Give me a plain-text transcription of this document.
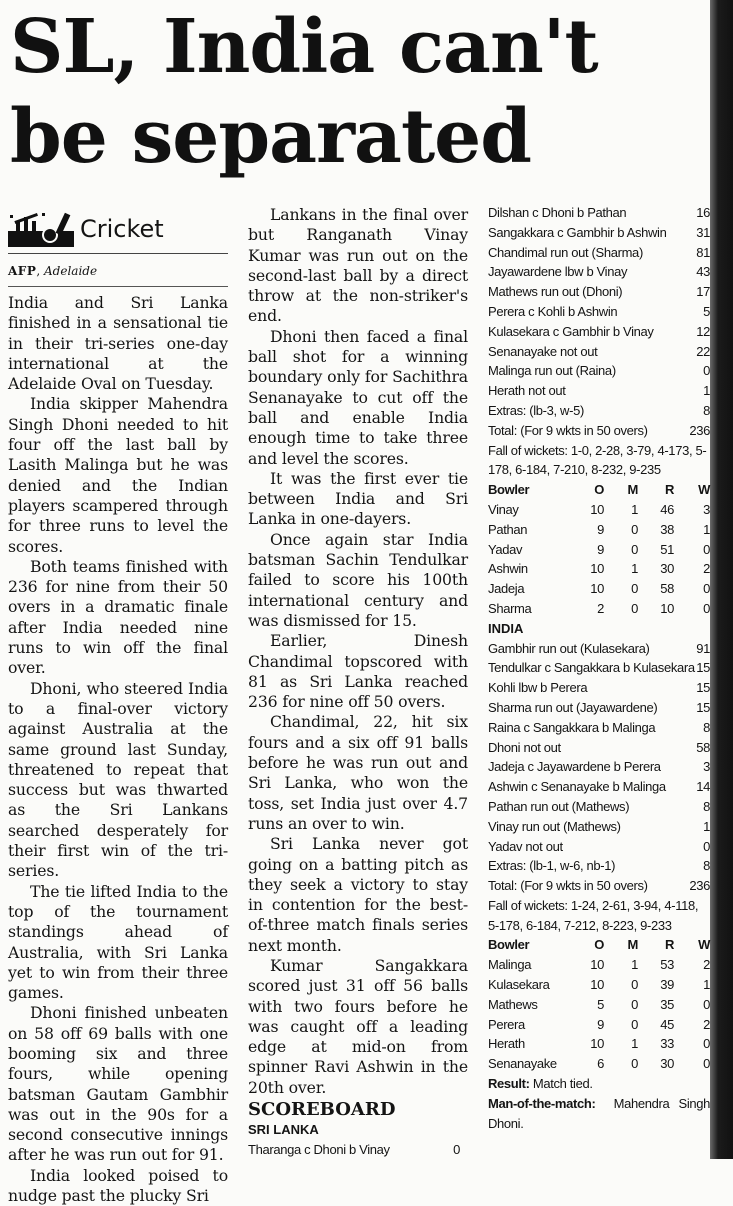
SL, India can't be separated
Cricket
AFP, Adelaide

India and Sri Lanka finished in a sensational tie in their tri-series one-day international at the Adelaide Oval on Tuesday.

India skipper Mahendra Singh Dhoni needed to hit four off the last ball by Lasith Malinga but he was denied and the Indian players scampered through for three runs to level the scores.

Both teams finished with 236 for nine from their 50 overs in a dramatic finale after India needed nine runs to win off the final over.

Dhoni, who steered India to a final-over victory against Australia at the same ground last Sunday, threatened to repeat that success but was thwarted as the Sri Lankans searched desperately for their first win of the tri-series.

The tie lifted India to the top of the tournament standings ahead of Australia, with Sri Lanka yet to win from their three games.

Dhoni finished unbeaten on 58 off 69 balls with one booming six and three fours, while opening batsman Gautam Gambhir was out in the 90s for a second consecutive innings after he was run out for 91.

India looked poised to nudge past the plucky Sri

Lankans in the final over but Ranganath Vinay Kumar was run out on the second-last ball by a direct throw at the non-striker's end.

Dhoni then faced a final ball shot for a winning boundary only for Sachithra Senanayake to cut off the ball and enable India enough time to take three and level the scores.

It was the first ever tie between India and Sri Lanka in one-dayers.

Once again star India batsman Sachin Tendulkar failed to score his 100th international century and was dismissed for 15.

Earlier, Dinesh Chandimal topscored with 81 as Sri Lanka reached 236 for nine off 50 overs.

Chandimal, 22, hit six fours and a six off 91 balls before he was run out and Sri Lanka, who won the toss, set India just over 4.7 runs an over to win.

Sri Lanka never got going on a batting pitch as they seek a victory to stay in contention for the best-of-three match finals series next month.

Kumar Sangakkara scored just 31 off 56 balls with two fours before he was caught off a leading edge at mid-on from spinner Ravi Ashwin in the 20th over.

SCOREBOARD
SRI LANKA
Tharanga c Dhoni b Vinay	0
Dilshan c Dhoni b Pathan	16
Sangakkara c Gambhir b Ashwin 31
Chandimal run out (Sharma)	81
Jayawardene lbw b Vinay	43
Mathews run out (Dhoni)	17
Perera c Kohli b Ashwin	5
Kulasekara c Gambhir b Vinay	12
Senanayake not out	22
Malinga run out (Raina)	0
Herath not out	1
Extras: (lb-3, w-5)	8
Total: (For 9 wkts in 50 overs)	236
Fall of wickets: 1-0, 2-28, 3-79, 4-173, 5-178, 6-184, 7-210, 8-232, 9-235
Bowler	O	M	R	W
Vinay	10	1	46	3
Pathan	9	0	38	1
Yadav	9	0	51	0
Ashwin	10	1	30	2
Jadeja	10	0	58	0
Sharma	2	0	10	0
INDIA
Gambhir run out (Kulasekara)	91
Tendulkar c Sangakkara b Kulasekara 15
Kohli lbw b Perera	15
Sharma run out (Jayawardene)	15
Raina c Sangakkara b Malinga	8
Dhoni not out	58
Jadeja c Jayawardene b Perera	3
Ashwin c Senanayake b Malinga 14
Pathan run out (Mathews)	8
Vinay run out (Mathews)	1
Yadav not out	0
Extras: (lb-1, w-6, nb-1)	8
Total: (For 9 wkts in 50 overs)	236
Fall of wickets: 1-24, 2-61, 3-94, 4-118, 5-178, 6-184, 7-212, 8-223, 9-233
Bowler	O	M	R	W
Malinga	10	1	53	2
Kulasekara	10	0	39	1
Mathews	5	0	35	0
Perera	9	0	45	2
Herath	10	1	33	0
Senanayake	6	0	30	0
Result: Match tied.
Man-of-the-match: Mahendra Singh Dhoni.
